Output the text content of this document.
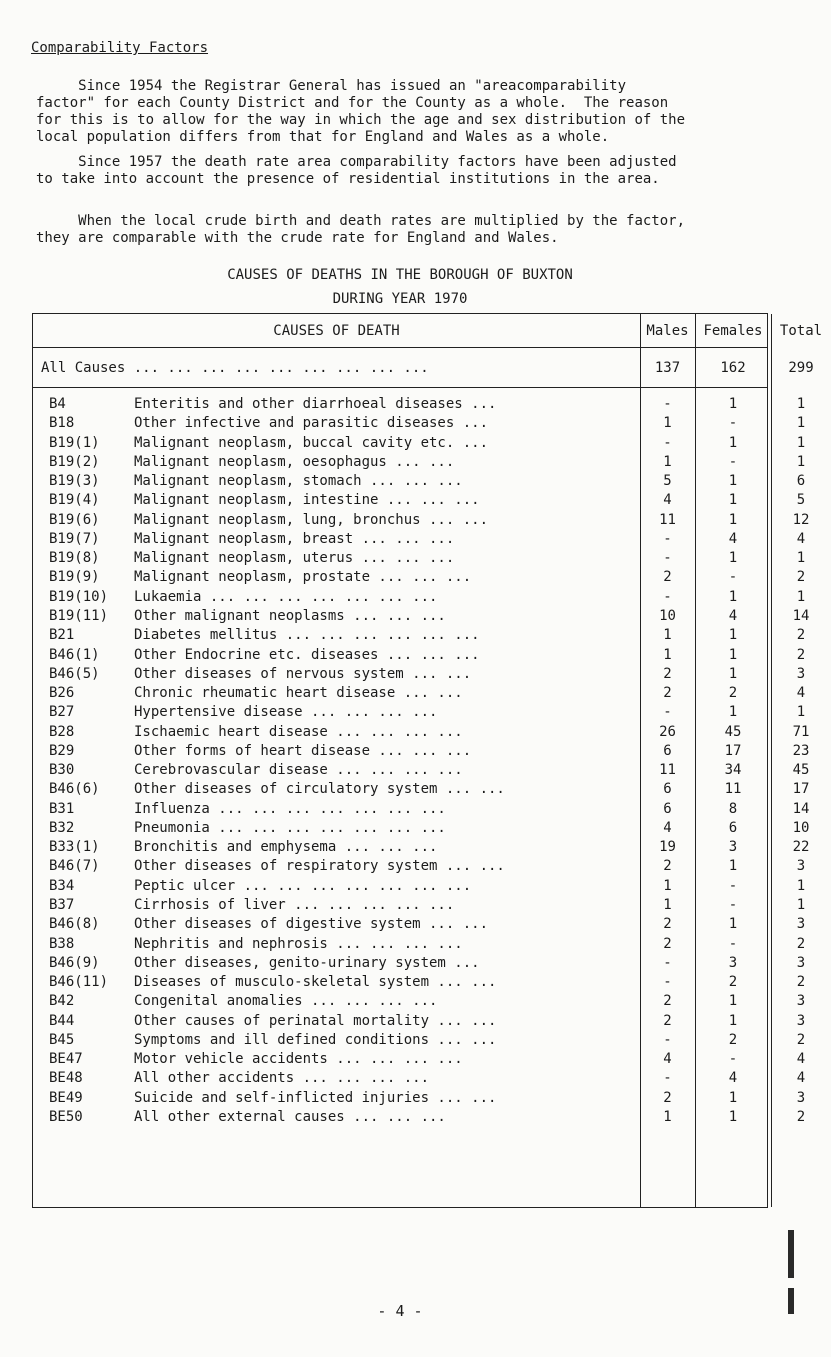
Comparability Factors
Since 1954 the Registrar General has issued an "areacomparability
factor" for each County District and for the County as a whole.  The reason
for this is to allow for the way in which the age and sex distribution of the
local population differs from that for England and Wales as a whole.
Since 1957 the death rate area comparability factors have been adjusted
to take into account the presence of residential institutions in the area.
When the local crude birth and death rates are multiplied by the factor,
they are comparable with the crude rate for England and Wales.
CAUSES OF DEATHS IN THE BOROUGH OF BUXTON
DURING YEAR 1970
CAUSES OF DEATH	Males	Females	Total
All Causes ... ... ... ... ... ... ... ... ...	137	162	299
B4	Enteritis and other diarrhoeal diseases ...	-	1	1
B18	Other infective and parasitic diseases ...	1	-	1
B19(1) Malignant neoplasm, buccal cavity etc. ...	-	1	1
B19(2) Malignant neoplasm, oesophagus ... ...	1	-	1
B19(3) Malignant neoplasm, stomach ... ... ...	5	1	6
B19(4) Malignant neoplasm, intestine ... ... ...	4	1	5
B19(6) Malignant neoplasm, lung, bronchus ... ...	11	1	12
B19(7) Malignant neoplasm, breast ... ... ...	-	4	4
B19(8) Malignant neoplasm, uterus ... ... ...	-	1	1
B19(9) Malignant neoplasm, prostate ... ... ...	2	-	2
B19(10) Lukaemia ... ... ... ... ... ... ...	-	1	1
B19(11) Other malignant neoplasms ... ... ...	10	4	14
B21	Diabetes mellitus ... ... ... ... ... ...	1	1	2
B46(1) Other Endocrine etc. diseases ... ... ...	1	1	2
B46(5) Other diseases of nervous system ... ...	2	1	3
B26	Chronic rheumatic heart disease ... ...	2	2	4
B27	Hypertensive disease ... ... ... ...	-	1	1
B28	Ischaemic heart disease ... ... ... ...	26	45	71
B29	Other forms of heart disease ... ... ...	6	17	23
B30	Cerebrovascular disease ... ... ... ...	11	34	45
B46(6) Other diseases of circulatory system ... ...	6	11	17
B31	Influenza ... ... ... ... ... ... ...	6	8	14
B32	Pneumonia ... ... ... ... ... ... ...	4	6	10
B33(1) Bronchitis and emphysema ... ... ...	19	3	22
B46(7) Other diseases of respiratory system ... ...	2	1	3
B34	Peptic ulcer ... ... ... ... ... ... ...	1	-	1
B37	Cirrhosis of liver ... ... ... ... ...	1	-	1
B46(8) Other diseases of digestive system ... ...	2	1	3
B38	Nephritis and nephrosis ... ... ... ...	2	-	2
B46(9) Other diseases, genito-urinary system ...	-	3	3
B46(11) Diseases of musculo-skeletal system ... ...	-	2	2
B42	Congenital anomalies ... ... ... ...	2	1	3
B44	Other causes of perinatal mortality ... ...	2	1	3
B45	Symptoms and ill defined conditions ... ...	-	2	2
BE47	Motor vehicle accidents ... ... ... ...	4	-	4
BE48	All other accidents ... ... ... ...	-	4	4
BE49	Suicide and self-inflicted injuries ... ...	2	1	3
BE50	All other external causes ... ... ...	1	1	2
- 4 -
